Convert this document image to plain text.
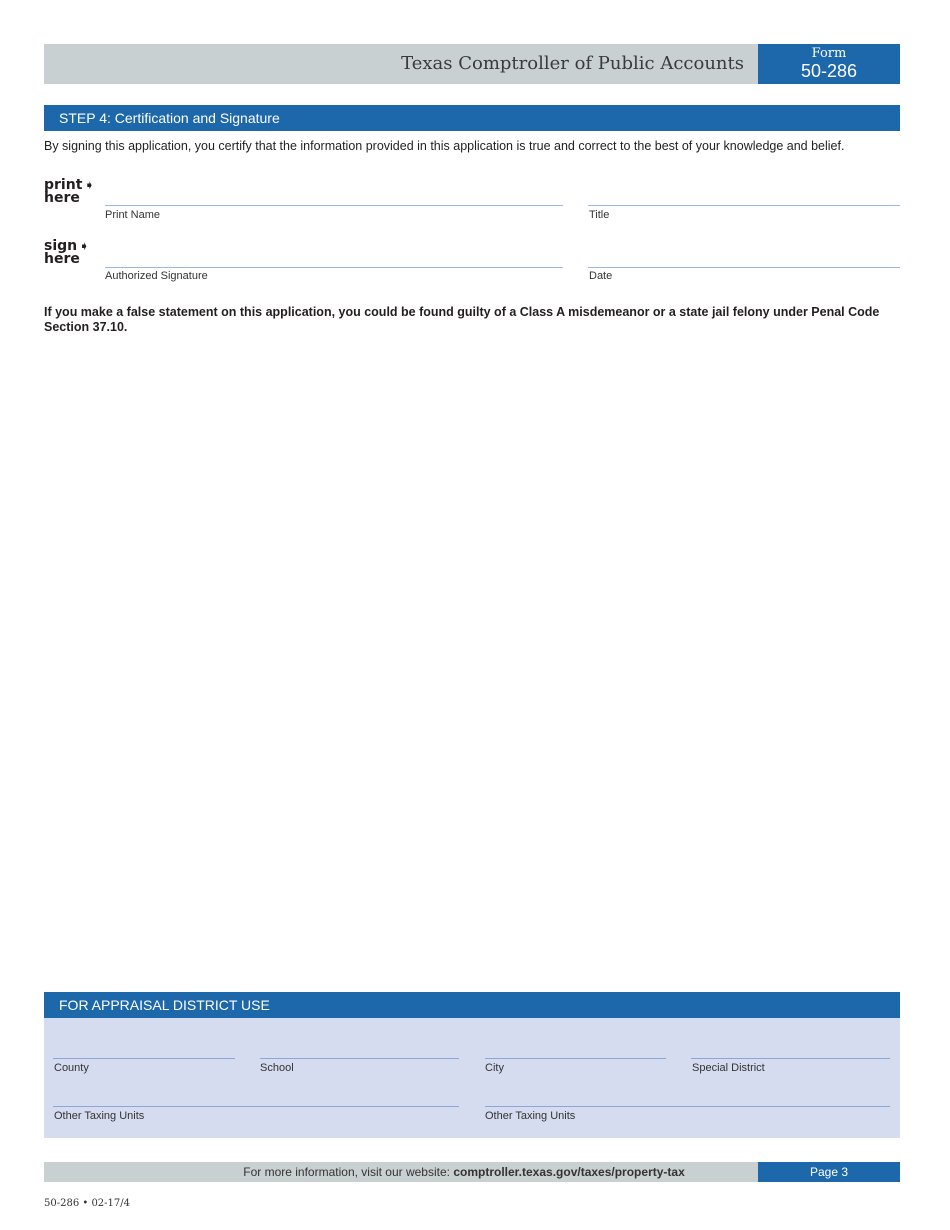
Texas Comptroller of Public Accounts	Form
50-286
STEP 4: Certification and Signature
By signing this application, you certify that the information provided in this application is true and correct to the best of your knowledge and belief.
print ➧
here
Print Name	Title
sign ➧
here
Authorized Signature	Date
If you make a false statement on this application, you could be found guilty of a Class A misdemeanor or a state jail felony under Penal Code Section 37.10.
FOR APPRAISAL DISTRICT USE
County	School	City	Special District
Other Taxing Units	Other Taxing Units
For more information, visit our website: comptroller.texas.gov/taxes/property-tax	Page 3
50-286 • 02-17/4
